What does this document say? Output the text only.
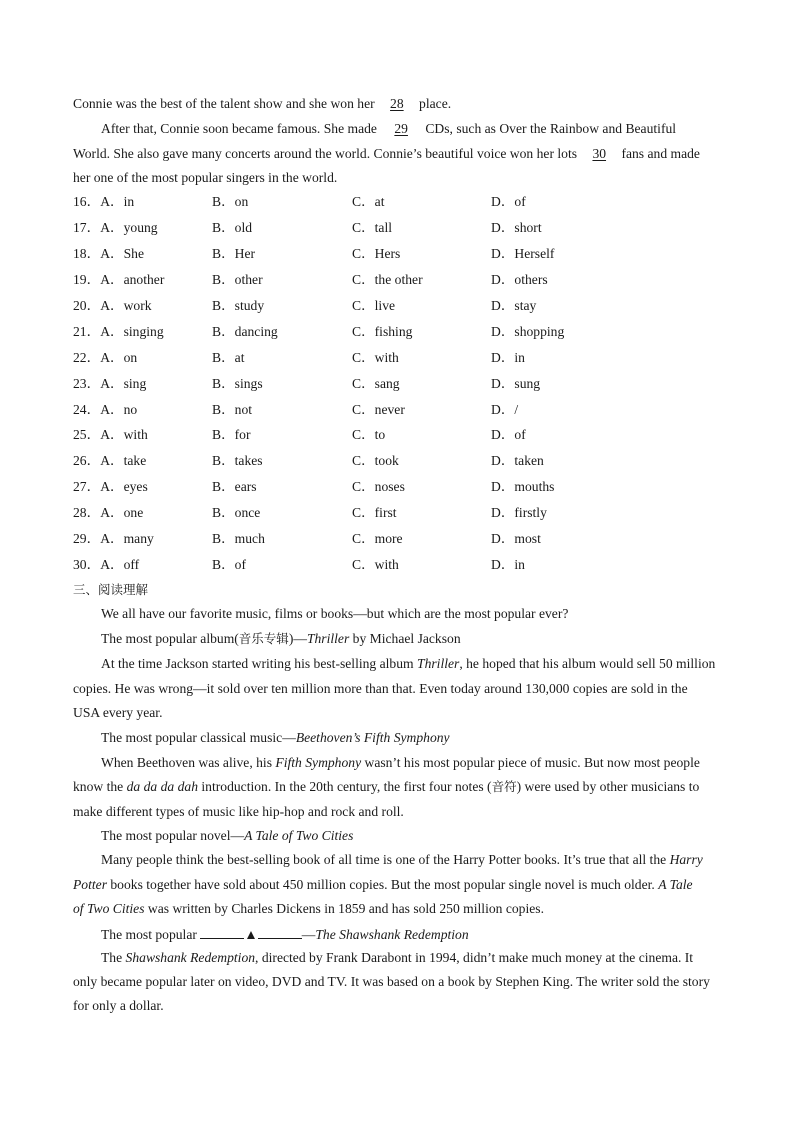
Connie was the best of the talent show and she won her 28 place.
After that, Connie soon became famous. She made 29 CDs, such as Over the Rainbow and Beautiful
World. She also gave many concerts around the world. Connie’s beautiful voice won her lots 30 fans and made
her one of the most popular singers in the world.
16．A．in	B．on	C．at	D．of
17．A．young	B．old	C．tall	D．short
18．A．She	B．Her	C．Hers	D．Herself
19．A．another	B．other	C．the other	D．others
20．A．work	B．study	C．live	D．stay
21．A．singing	B．dancing	C．fishing	D．shopping
22．A．on	B．at	C．with	D．in
23．A．sing	B．sings	C．sang	D．sung
24．A．no	B．not	C．never	D．/
25．A．with	B．for	C．to	D．of
26．A．take	B．takes	C．took	D．taken
27．A．eyes	B．ears	C．noses	D．mouths
28．A．one	B．once	C．first	D．firstly
29．A．many	B．much	C．more	D．most
30．A．off	B．of	C．with	D．in
三、阅读理解
We all have our favorite music, films or books—but which are the most popular ever?
The most popular album(音乐专辑)—Thriller by Michael Jackson
At the time Jackson started writing his best-selling album Thriller, he hoped that his album would sell 50 million
copies. He was wrong—it sold over ten million more than that. Even today around 130,000 copies are sold in the
USA every year.
The most popular classical music—Beethoven’s Fifth Symphony
When Beethoven was alive, his Fifth Symphony wasn’t his most popular piece of music. But now most people
know the da da da dah introduction. In the 20th century, the first four notes (音符) were used by other musicians to
make different types of music like hip-hop and rock and roll.
The most popular novel—A Tale of Two Cities
Many people think the best-selling book of all time is one of the Harry Potter books. It’s true that all the Harry
Potter books together have sold about 450 million copies. But the most popular single novel is much older. A Tale
of Two Cities was written by Charles Dickens in 1859 and has sold 250 million copies.
The most popular	▲	—The Shawshank Redemption
The Shawshank Redemption, directed by Frank Darabont in 1994, didn’t make much money at the cinema. It
only became popular later on video, DVD and TV. It was based on a book by Stephen King. The writer sold the story
for only a dollar.
